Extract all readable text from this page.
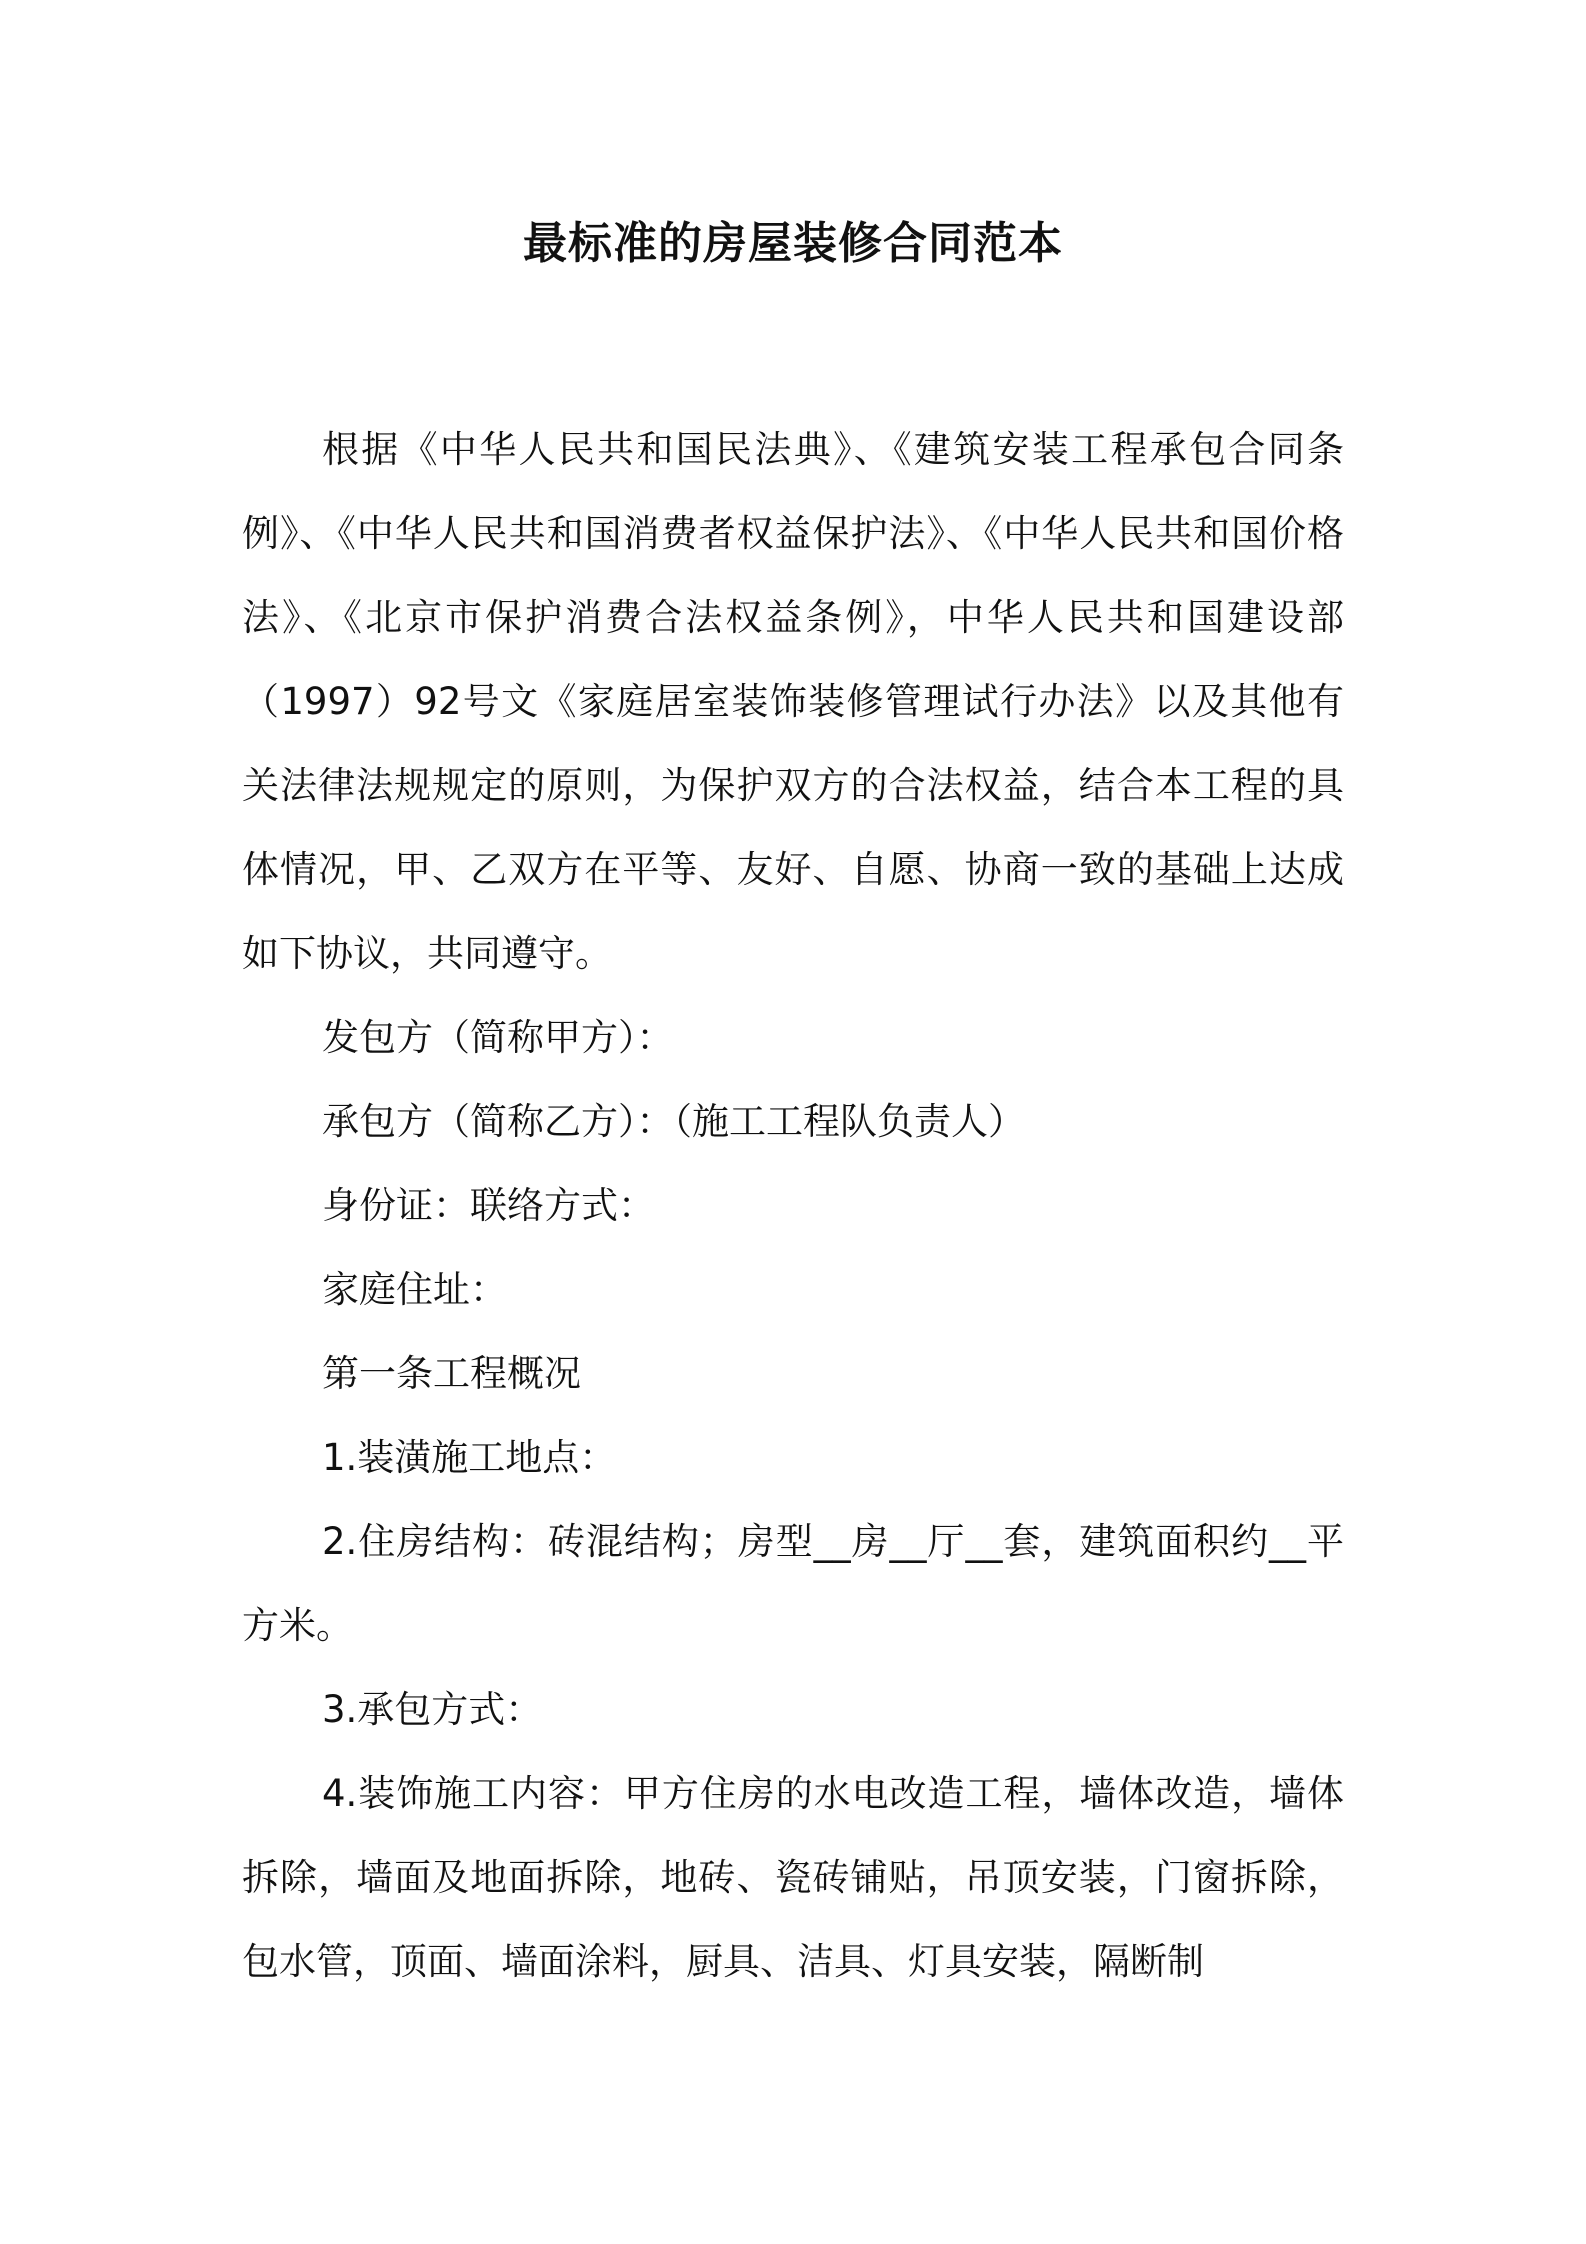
最标准的房屋装修合同范本

根据《中华人民共和国民法典》、《建筑安装工程承包合同条例》、《中华人民共和国消费者权益保护法》、《中华人民共和国价格法》、《北京市保护消费合法权益条例》，中华人民共和国建设部（1997）92号文《家庭居室装饰装修管理试行办法》以及其他有关法律法规规定的原则，为保护双方的合法权益，结合本工程的具体情况，甲、乙双方在平等、友好、自愿、协商一致的基础上达成如下协议，共同遵守。

发包方（简称甲方）：

承包方（简称乙方）：（施工工程队负责人）

身份证：联络方式：

家庭住址：

第一条工程概况

1.装潢施工地点：

2.住房结构：砖混结构；房型__房__厅__套，建筑面积约__平方米。

3.承包方式：

4.装饰施工内容：甲方住房的水电改造工程，墙体改造，墙体拆除，墙面及地面拆除，地砖、瓷砖铺贴，吊顶安装，门窗拆除，包水管，顶面、墙面涂料，厨具、洁具、灯具安装，隔断制
